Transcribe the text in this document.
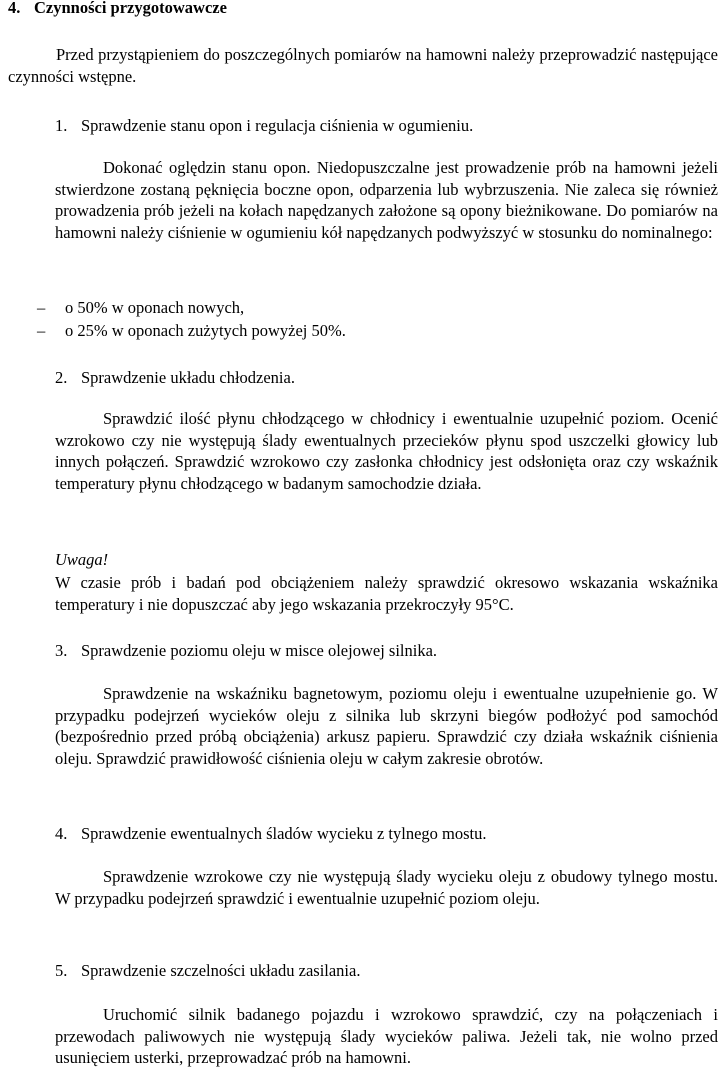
4. Czynności przygotowawcze

Przed przystąpieniem do poszczególnych pomiarów na hamowni należy przeprowadzić następujące czynności wstępne.

1. Sprawdzenie stanu opon i regulacja ciśnienia w ogumieniu.

Dokonać oględzin stanu opon. Niedopuszczalne jest prowadzenie prób na hamowni jeżeli stwierdzone zostaną pęknięcia boczne opon, odparzenia lub wybrzuszenia. Nie zaleca się również prowadzenia prób jeżeli na kołach napędzanych założone są opony bieżnikowane. Do pomiarów na hamowni należy ciśnienie w ogumieniu kół napędzanych podwyższyć w stosunku do nominalnego:

– o 50% w oponach nowych,
– o 25% w oponach zużytych powyżej 50%.
2. Sprawdzenie układu chłodzenia.

Sprawdzić ilość płynu chłodzącego w chłodnicy i ewentualnie uzupełnić poziom. Ocenić wzrokowo czy nie występują ślady ewentualnych przecieków płynu spod uszczelki głowicy lub innych połączeń. Sprawdzić wzrokowo czy zasłonka chłodnicy jest odsłonięta oraz czy wskaźnik temperatury płynu chłodzącego w badanym samochodzie działa.

Uwaga!

W czasie prób i badań pod obciążeniem należy sprawdzić okresowo wskazania wskaźnika temperatury i nie dopuszczać aby jego wskazania przekroczyły 95°C.

3. Sprawdzenie poziomu oleju w misce olejowej silnika.

Sprawdzenie na wskaźniku bagnetowym, poziomu oleju i ewentualne uzupełnienie go. W przypadku podejrzeń wycieków oleju z silnika lub skrzyni biegów podłożyć pod samochód (bezpośrednio przed próbą obciążenia) arkusz papieru. Sprawdzić czy działa wskaźnik ciśnienia oleju. Sprawdzić prawidłowość ciśnienia oleju w całym zakresie obrotów.

4. Sprawdzenie ewentualnych śladów wycieku z tylnego mostu.

Sprawdzenie wzrokowe czy nie występują ślady wycieku oleju z obudowy tylnego mostu. W przypadku podejrzeń sprawdzić i ewentualnie uzupełnić poziom oleju.

5. Sprawdzenie szczelności układu zasilania.

Uruchomić silnik badanego pojazdu i wzrokowo sprawdzić, czy na połączeniach i przewodach paliwowych nie występują ślady wycieków paliwa. Jeżeli tak, nie wolno przed usunięciem usterki, przeprowadzać prób na hamowni.
